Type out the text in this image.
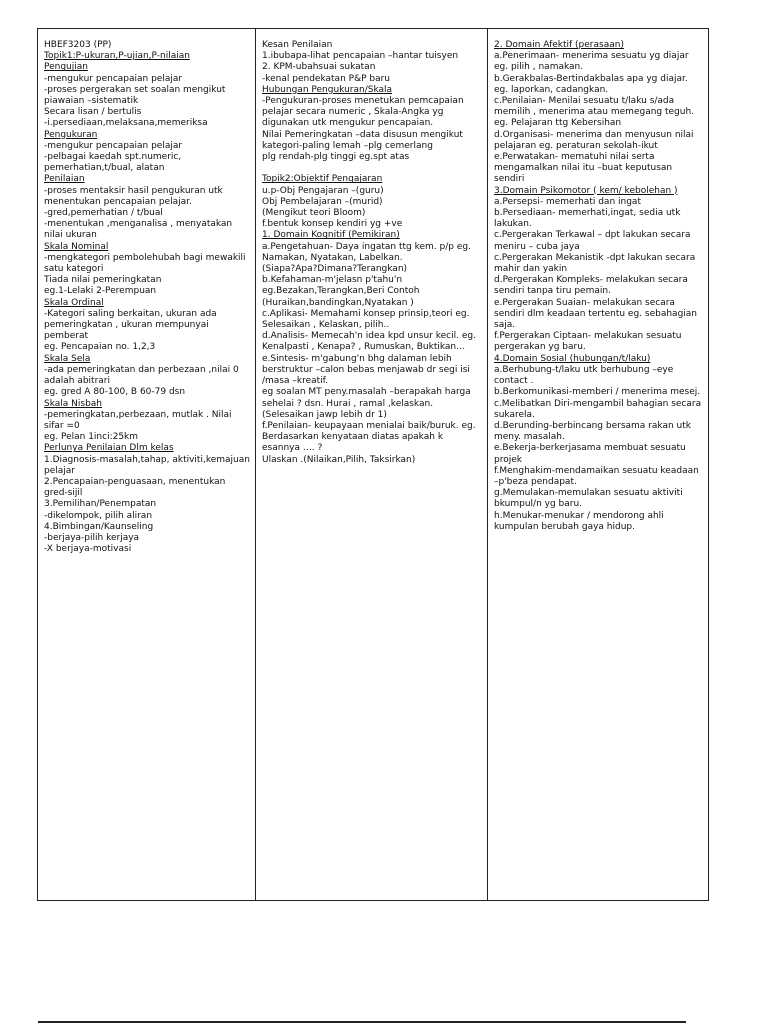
HBEF3203 (PP)
Topik1:P-ukuran,P-ujian,P-nilaian
Pengujian
-mengukur pencapaian pelajar
-proses pergerakan set soalan mengikut piawaian –sistematik
Secara lisan / bertulis
-i.persediaan,melaksana,memeriksa
Pengukuran
-mengukur pencapaian pelajar
-pelbagai kaedah spt.numeric, pemerhatian,t/bual, alatan
Penilaian
-proses mentaksir hasil pengukuran utk menentukan pencapaian pelajar.
-gred,pemerhatian / t/bual
-menentukan ,menganalisa , menyatakan nilai ukuran
Skala Nominal
-mengkategori pembolehubah bagi mewakili satu kategori
Tiada nilai pemeringkatan
eg.1-Lelaki 2-Perempuan
Skala Ordinal
-Kategori saling berkaitan, ukuran ada pemeringkatan , ukuran mempunyai pemberat
eg. Pencapaian no. 1,2,3
Skala Sela
-ada pemeringkatan dan perbezaan ,nilai 0 adalah abitrari
eg. gred A 80-100, B 60-79 dsn
Skala Nisbah
-pemeringkatan,perbezaan, mutlak . Nilai sifar =0
eg. Pelan 1inci:25km
Perlunya Penilaian Dlm kelas
1.Diagnosis-masalah,tahap, aktiviti,kemajuan pelajar
2.Pencapaian-penguasaan, menentukan gred-sijil
3.Pemilihan/Penempatan
-dikelompok, pilih aliran
4.Bimbingan/Kaunseling
-berjaya-pilih kerjaya
-X berjaya-motivasi

Kesan Penilaian
1.ibubapa-lihat pencapaian –hantar tuisyen
2. KPM-ubahsuai sukatan
-kenal pendekatan P&P baru
Hubungan Pengukuran/Skala
-Pengukuran-proses menetukan pemcapaian pelajar secara numeric , Skala-Angka yg digunakan utk mengukur pencapaian.
Nilai Pemeringkatan –data disusun mengikut kategori-paling lemah –plg cemerlang
plg rendah-plg tinggi eg.spt atas

Topik2:Objektif Pengajaran
u.p-Obj Pengajaran –(guru)
Obj Pembelajaran –(murid)
(Mengikut teori Bloom)
f.bentuk konsep kendiri yg +ve
1. Domain Kognitif (Pemikiran)
a.Pengetahuan- Daya ingatan ttg kem. p/p eg. Namakan, Nyatakan, Labelkan.
(Siapa?Apa?Dimana?Terangkan)
b.Kefahaman-m'jelasn p'tahu'n
eg.Bezakan,Terangkan,Beri Contoh
(Huraikan,bandingkan,Nyatakan )
c.Aplikasi- Memahami konsep prinsip,teori eg. Selesaikan , Kelaskan, pilih..
d.Analisis- Memecah'n idea kpd unsur kecil. eg. Kenalpasti , Kenapa? , Rumuskan, Buktikan…
e.Sintesis- m'gabung'n bhg dalaman lebih berstruktur –calon bebas menjawab dr segi isi /masa –kreatif.
eg soalan MT peny.masalah –berapakah harga sehelai ? dsn. Hurai , ramal ,kelaskan.
(Selesaikan jawp lebih dr 1)
f.Penilaian- keupayaan menialai baik/buruk. eg. Berdasarkan kenyataan diatas apakah k esannya …. ?
Ulaskan .(Nilaikan,Pilih, Taksirkan)

2. Domain Afektif (perasaan)
a.Penerimaan- menerima sesuatu yg diajar eg. pilih , namakan.
b.Gerakbalas-Bertindakbalas apa yg diajar.
eg. laporkan, cadangkan.
c.Penilaian- Menilai sesuatu t/laku s/ada memilih , menerima atau memegang teguh.
eg. Pelajaran ttg Kebersihan
d.Organisasi- menerima dan menyusun nilai
pelajaran eg. peraturan sekolah-ikut
e.Perwatakan- mematuhi nilai serta mengamalkan nilai itu –buat keputusan sendiri
3.Domain Psikomotor ( kem/ kebolehan )
a.Persepsi- memerhati dan ingat
b.Persediaan- memerhati,ingat, sedia utk lakukan.
c.Pergerakan Terkawal – dpt lakukan secara
meniru – cuba jaya
c.Pergerakan Mekanistik -dpt lakukan secara
mahir dan yakin
d.Pergerakan Kompleks- melakukan secara
sendiri tanpa tiru pemain.
e.Pergerakan Suaian- melakukan secara sendiri dlm keadaan tertentu eg. sebahagian
saja.
f.Pergerakan Ciptaan- melakukan sesuatu pergerakan yg baru.
4.Domain Sosial (hubungan/t/laku)
a.Berhubung-t/laku utk berhubung –eye contact .
b.Berkomunikasi-memberi / menerima mesej.
c.Melibatkan Diri-mengambil bahagian secara sukarela.
d.Berunding-berbincang bersama rakan utk
meny. masalah.
e.Bekerja-berkerjasama membuat sesuatu projek
f.Menghakim-mendamaikan sesuatu keadaan –p'beza pendapat.
g.Memulakan-memulakan sesuatu aktiviti bkumpul/n yg baru.
h.Menukar-menukar / mendorong ahli kumpulan berubah gaya hidup.
